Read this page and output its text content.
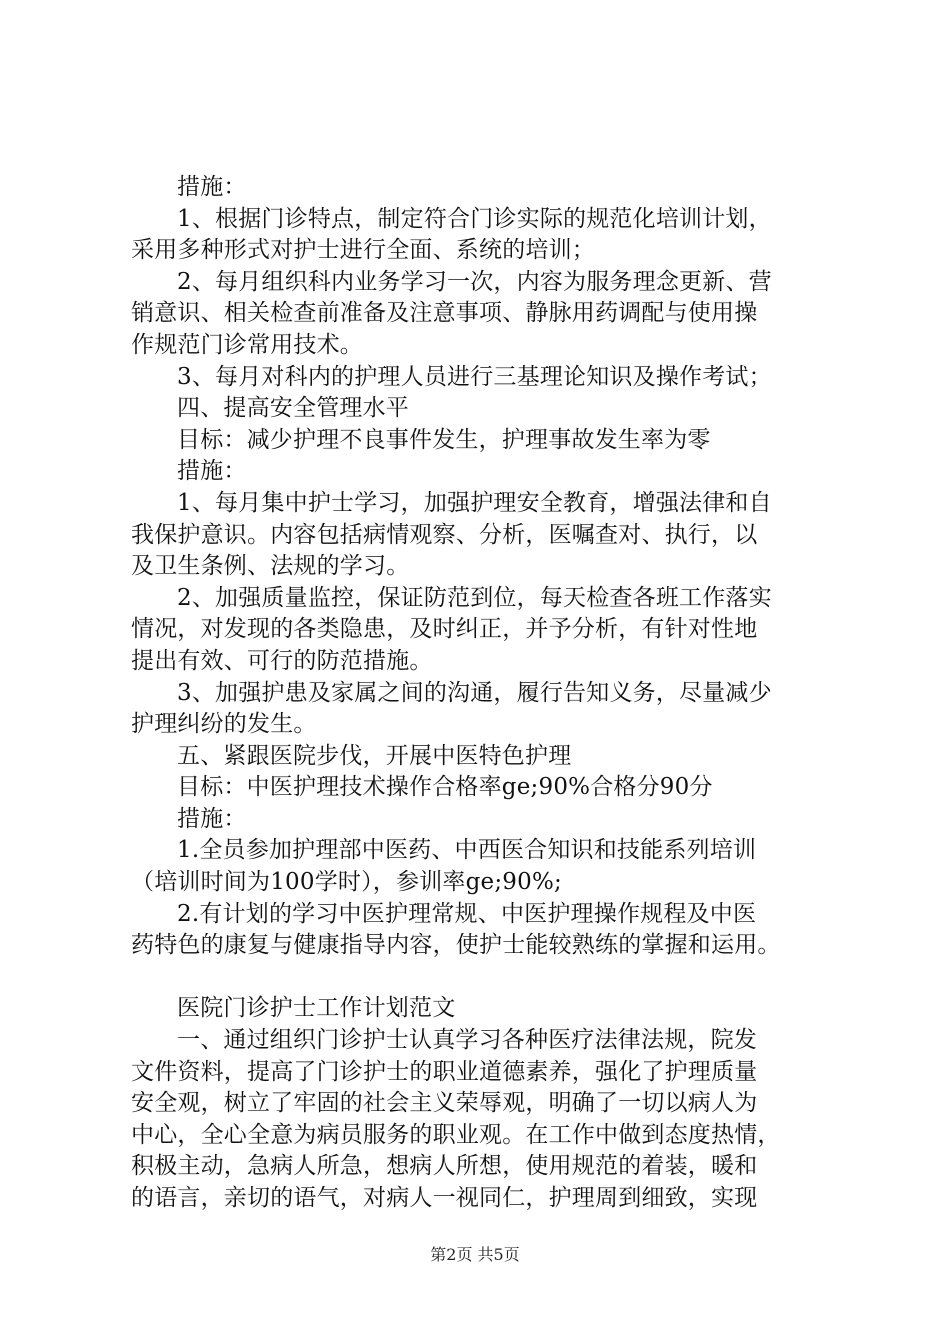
措施：
1、根据门诊特点，制定符合门诊实际的规范化培训计划，
采用多种形式对护士进行全面、系统的培训；
2、每月组织科内业务学习一次，内容为服务理念更新、营
销意识、相关检查前准备及注意事项、静脉用药调配与使用操
作规范门诊常用技术。
3、每月对科内的护理人员进行三基理论知识及操作考试；
四、提高安全管理水平
目标：减少护理不良事件发生，护理事故发生率为零
措施：
1、每月集中护士学习，加强护理安全教育，增强法律和自
我保护意识。内容包括病情观察、分析，医嘱查对、执行，以
及卫生条例、法规的学习。
2、加强质量监控，保证防范到位，每天检查各班工作落实
情况，对发现的各类隐患，及时纠正，并予分析，有针对性地
提出有效、可行的防范措施。
3、加强护患及家属之间的沟通，履行告知义务，尽量减少
护理纠纷的发生。
五、紧跟医院步伐，开展中医特色护理
目标：中医护理技术操作合格率ge;90%合格分90分
措施：
1.全员参加护理部中医药、中西医合知识和技能系列培训
（培训时间为100学时），参训率ge;90%;
2.有计划的学习中医护理常规、中医护理操作规程及中医
药特色的康复与健康指导内容，使护士能较熟练的掌握和运用。
医院门诊护士工作计划范文
一、通过组织门诊护士认真学习各种医疗法律法规，院发
文件资料，提高了门诊护士的职业道德素养，强化了护理质量
安全观，树立了牢固的社会主义荣辱观，明确了一切以病人为
中心，全心全意为病员服务的职业观。在工作中做到态度热情，
积极主动，急病人所急，想病人所想，使用规范的着装，暖和
的语言，亲切的语气，对病人一视同仁，护理周到细致，实现
第2页 共5页
